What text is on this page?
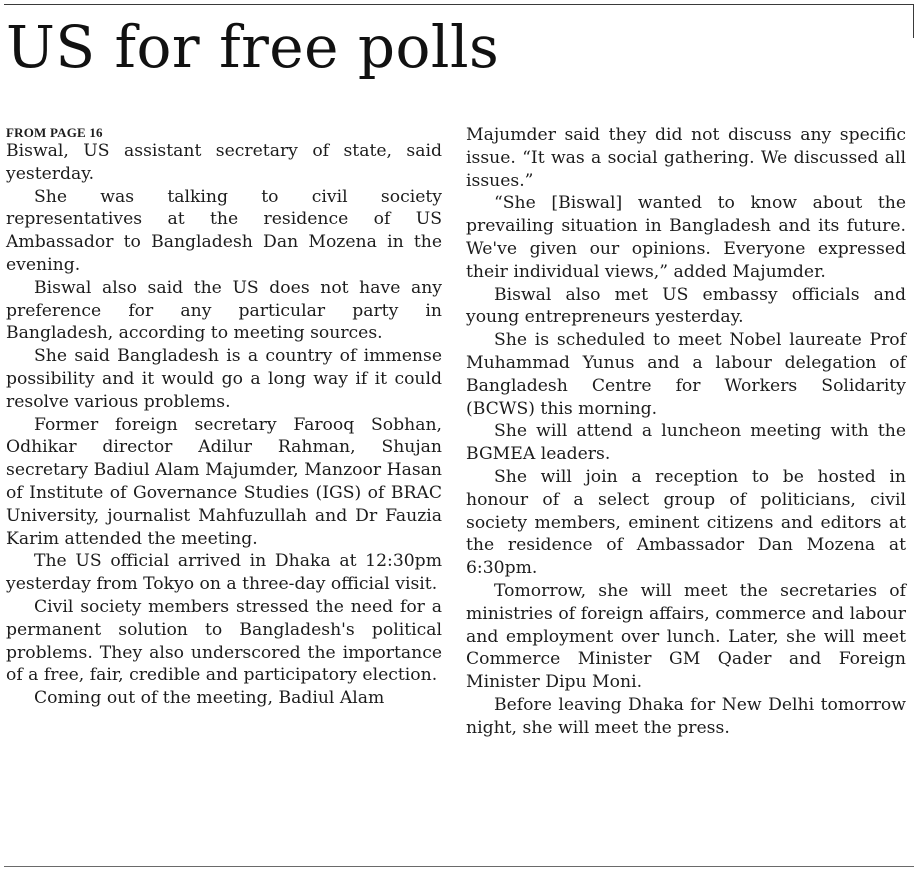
US for free polls
FROM PAGE 16

Biswal, US assistant secretary of state, said yesterday.

She was talking to civil society representatives at the residence of US Ambassador to Bangladesh Dan Mozena in the evening.

Biswal also said the US does not have any preference for any particular party in Bangladesh, according to meeting sources.

She said Bangladesh is a country of immense possibility and it would go a long way if it could resolve various problems.

Former foreign secretary Farooq Sobhan, Odhikar director Adilur Rahman, Shujan secretary Badiul Alam Majumder, Manzoor Hasan of Institute of Governance Studies (IGS) of BRAC University, journalist Mahfuzullah and Dr Fauzia Karim attended the meeting.

The US official arrived in Dhaka at 12:30pm yesterday from Tokyo on a three-day official visit.

Civil society members stressed the need for a permanent solution to Bangladesh's political problems. They also underscored the importance of a free, fair, credible and participatory election.

Coming out of the meeting, Badiul Alam

Majumder said they did not discuss any specific issue. “It was a social gathering. We discussed all issues.”

“She [Biswal] wanted to know about the prevailing situation in Bangladesh and its future. We've given our opinions. Everyone expressed their individual views,” added Majumder.

Biswal also met US embassy officials and young entrepreneurs yesterday.

She is scheduled to meet Nobel laureate Prof Muhammad Yunus and a labour delegation of Bangladesh Centre for Workers Solidarity (BCWS) this morning.

She will attend a luncheon meeting with the BGMEA leaders.

She will join a reception to be hosted in honour of a select group of politicians, civil society members, eminent citizens and editors at the residence of Ambassador Dan Mozena at 6:30pm.

Tomorrow, she will meet the secretaries of ministries of foreign affairs, commerce and labour and employment over lunch. Later, she will meet Commerce Minister GM Qader and Foreign Minister Dipu Moni.

Before leaving Dhaka for New Delhi tomorrow night, she will meet the press.
